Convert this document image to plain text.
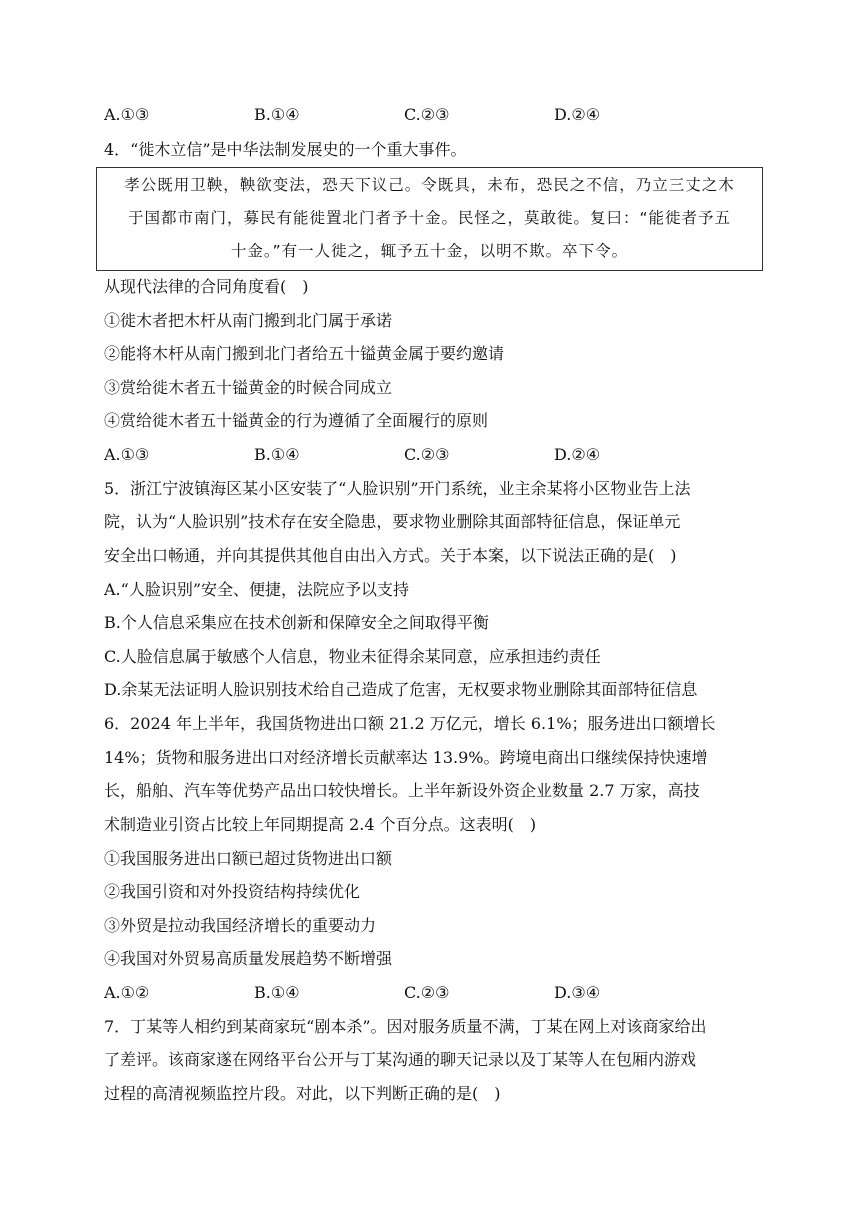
A.①③	B.①④	C.②③	D.②④
4．“徙木立信”是中华法制发展史的一个重大事件。
孝公既用卫鞅，鞅欲变法，恐天下议己。令既具，未布，恐民之不信，乃立三丈之木
于国都市南门，募民有能徙置北门者予十金。民怪之，莫敢徙。复曰：“能徙者予五
十金。”有一人徙之，辄予五十金，以明不欺。卒下令。
从现代法律的合同角度看(　)
①徙木者把木杆从南门搬到北门属于承诺
②能将木杆从南门搬到北门者给五十镒黄金属于要约邀请
③赏给徙木者五十镒黄金的时候合同成立
④赏给徙木者五十镒黄金的行为遵循了全面履行的原则
A.①③	B.①④	C.②③	D.②④
5．浙江宁波镇海区某小区安装了“人脸识别”开门系统，业主余某将小区物业告上法
院，认为“人脸识别”技术存在安全隐患，要求物业删除其面部特征信息，保证单元
安全出口畅通，并向其提供其他自由出入方式。关于本案，以下说法正确的是(　)
A.“人脸识别”安全、便捷，法院应予以支持
B.个人信息采集应在技术创新和保障安全之间取得平衡
C.人脸信息属于敏感个人信息，物业未征得余某同意，应承担违约责任
D.余某无法证明人脸识别技术给自己造成了危害，无权要求物业删除其面部特征信息
6．2024 年上半年，我国货物进出口额 21.2 万亿元，增长 6.1%；服务进出口额增长
14%；货物和服务进出口对经济增长贡献率达 13.9%。跨境电商出口继续保持快速增
长，船舶、汽车等优势产品出口较快增长。上半年新设外资企业数量 2.7 万家，高技
术制造业引资占比较上年同期提高 2.4 个百分点。这表明(　)
①我国服务进出口额已超过货物进出口额
②我国引资和对外投资结构持续优化
③外贸是拉动我国经济增长的重要动力
④我国对外贸易高质量发展趋势不断增强
A.①②	B.①④	C.②③	D.③④
7．丁某等人相约到某商家玩“剧本杀”。因对服务质量不满，丁某在网上对该商家给出
了差评。该商家遂在网络平台公开与丁某沟通的聊天记录以及丁某等人在包厢内游戏
过程的高清视频监控片段。对此，以下判断正确的是(　)
